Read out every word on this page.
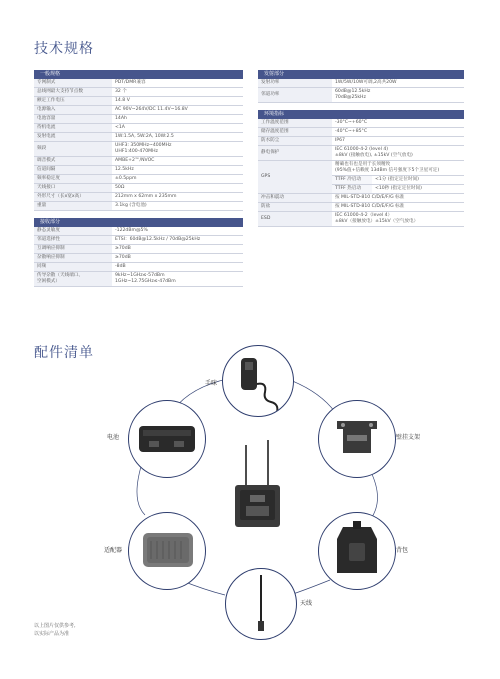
技术规格
一般规格
专网制式	PDT/DMR兼容
总线网最大支持节点数	32 个
额定工作电压	14.8 V
电源输入	AC 90V~264V/DC 11.4V~16.8V
电池容量	14Ah
待机电流	<1A
发射电流	1W:1.5A, 5W:2A, 10W:2.5
频段	UHF3: 350MHz~400MHz
UHF1:400-470MHz
调音模式	AMBE+2™/NVOC
信道间隔	12.5kHz
频率稳定度	±0.5ppm
天线接口	50Ω
外形尺寸（长x宽x高）	212mm x 62mm x 235mm
重量	3.1kg (含电池)
接收部分
静态灵敏度	-122dBm@5%
邻道选择性	ETSI：60dB@12.5kHz / 70dB@25kHz
互调响应抑制	≥70dB
杂散响应抑制	≥70dB
同频	-8dB
传导杂散（天线端口、
空闲模式）	9kHz~1GHz≤-57dBm
1GHz~12.75GHz≤-47dBm
发射部分
发射功率	1W/5W/10W可调,2高共20W
邻道功率	60dB@12.5kHz
70dB@25kHz
环境指标
工作温度范围	-30°C~+60°C
储存温度范围	-40°C~+85°C
防水防尘	IP67
静电保护	IEC 61000-4-2 (level 4)
±8kV (接触放电), ±15kV (空气放电)
GPS	精确也有也是用于长须精致
(95%值+信赖度 13dBm 信号强度下5个卫星可定)	
	TTFF 冷启动	<1分 (指定定位时间)
	TTFF 热启动	<10秒 (指定定位时间)
冲击和震动	按 MIL-STD-810 C/D/E/F/G 标准
防盐	按 MIL-STD-810 C/D/E/F/G 标准
ESD	IEC 61000-4-2（level 4）
±8kV（接触放电）±15kV（空气放电）
配件清单
手咪
电池	壁挂支架
适配器	背包
天线
以上图片仅供参考,
以实际产品为准
